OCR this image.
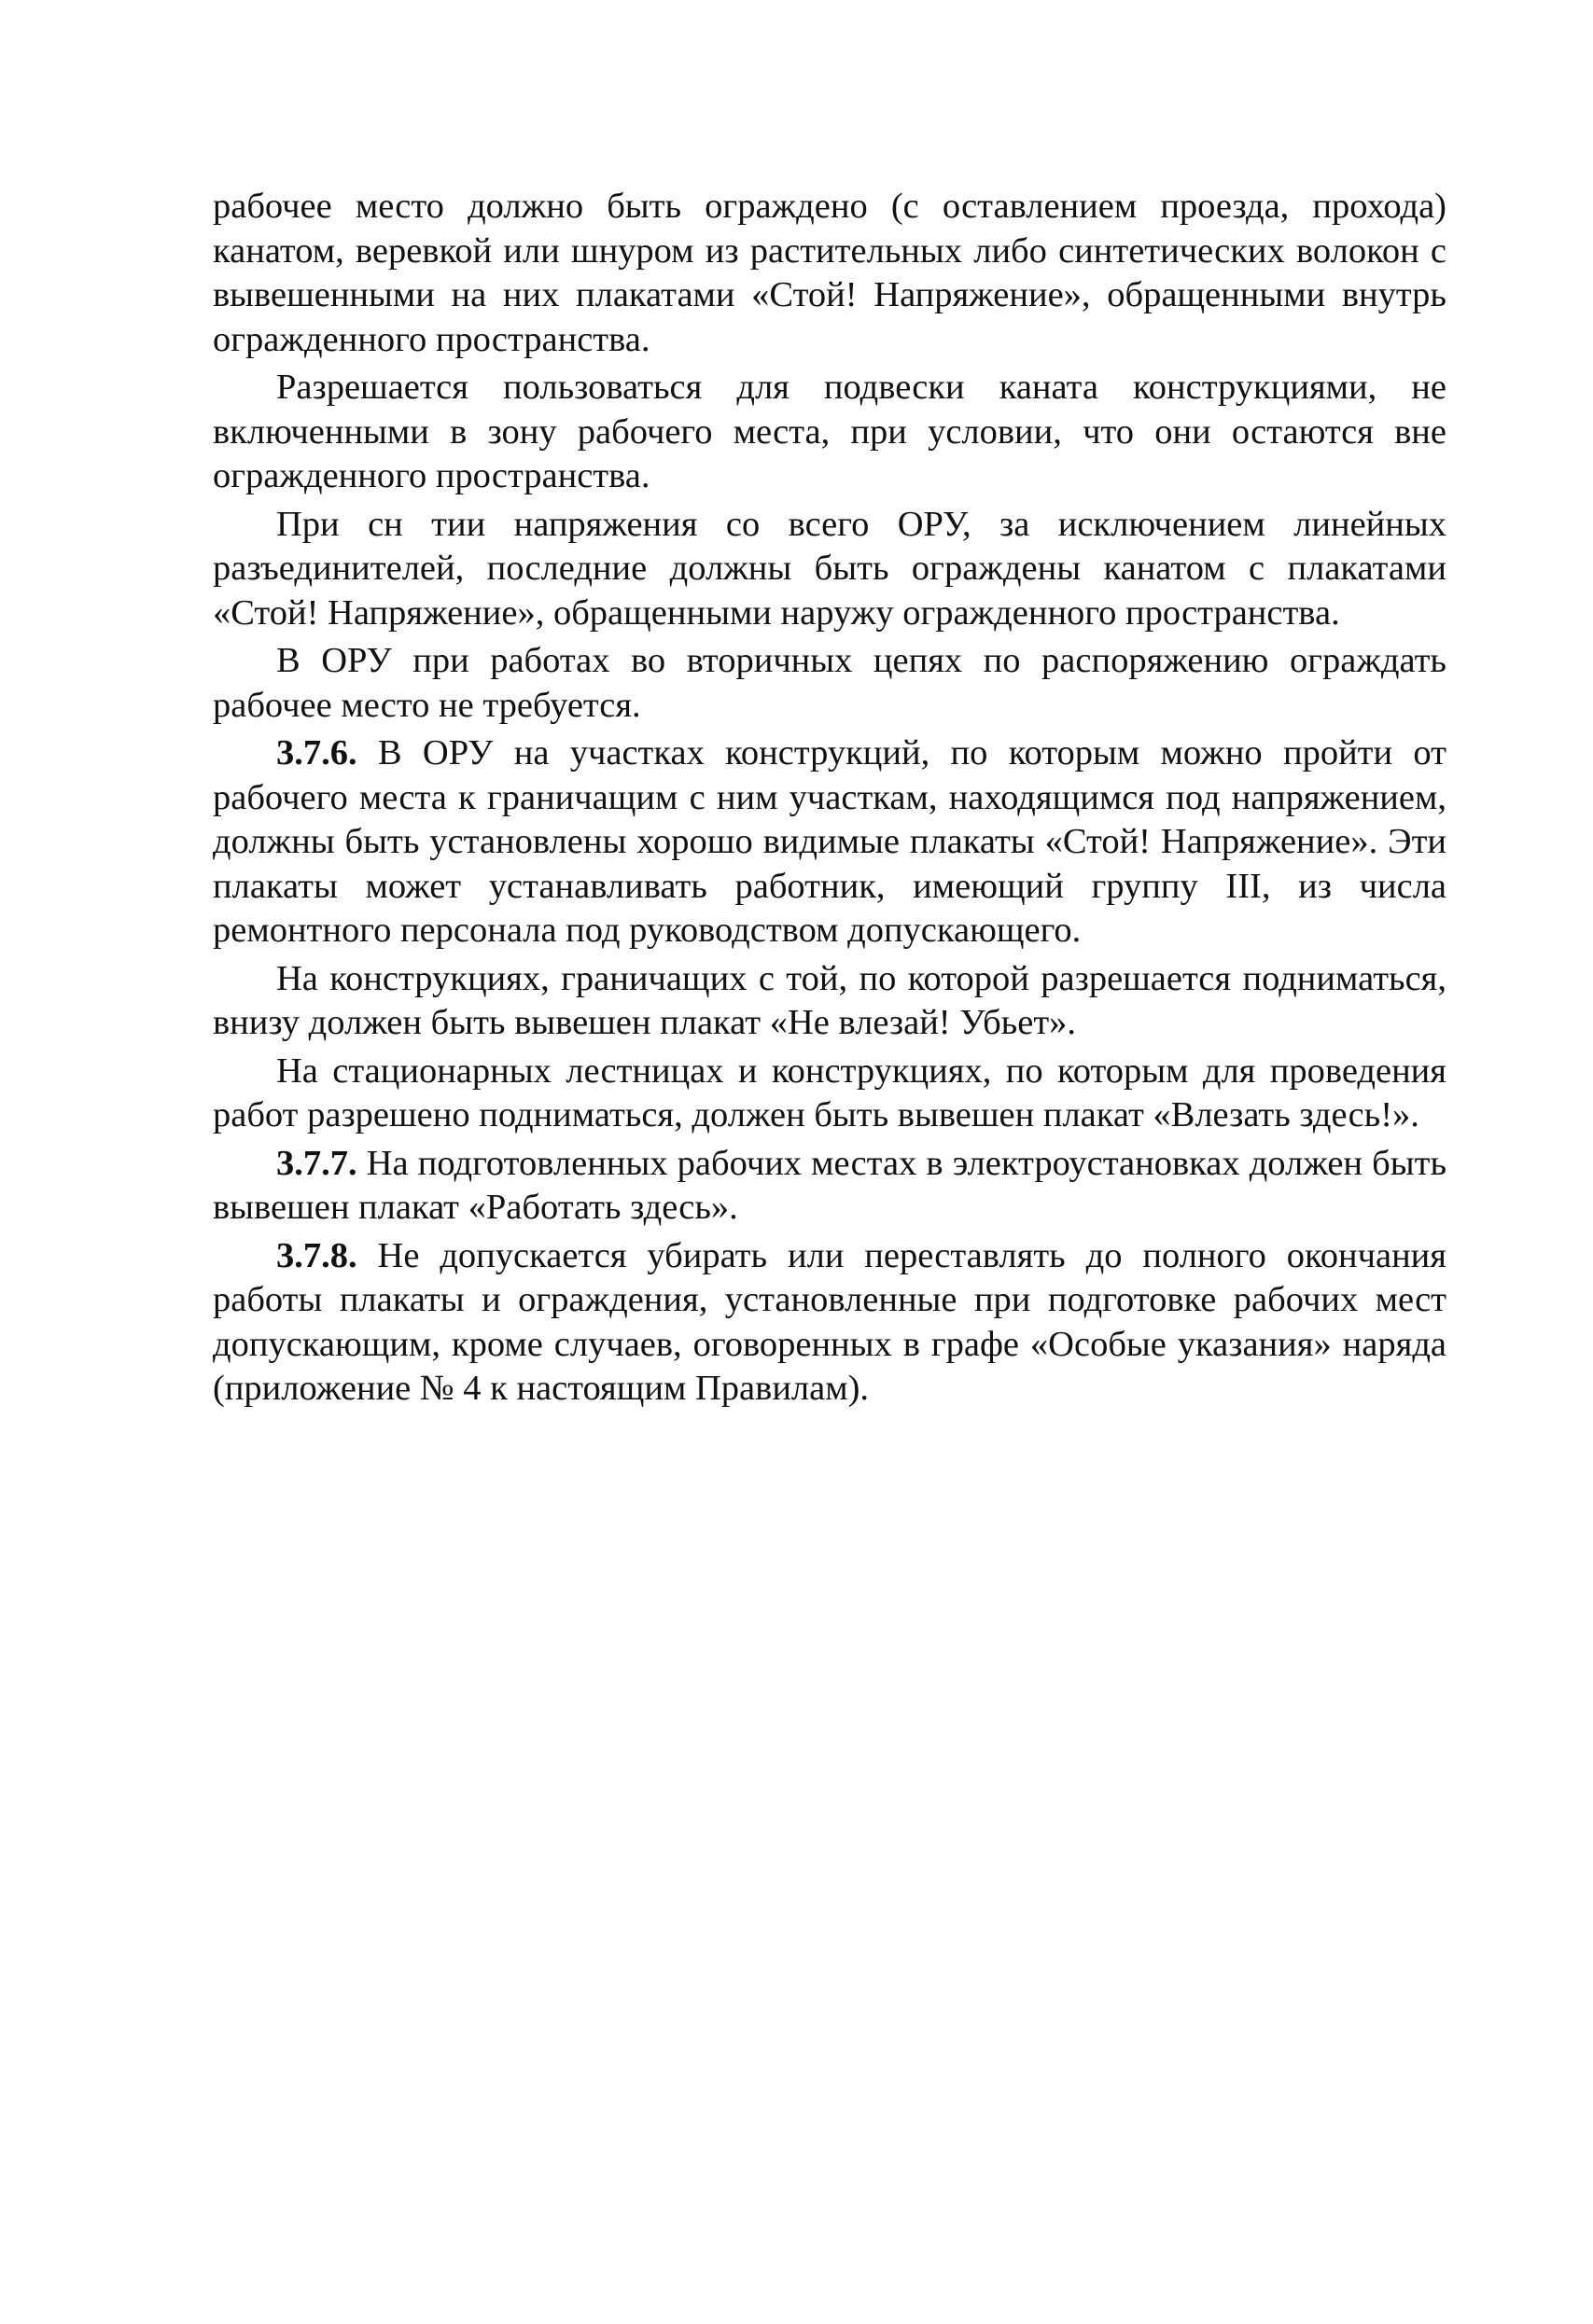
рабочее место должно быть ограждено (с оставлением проезда, прохода) канатом, веревкой или шнуром из растительных либо синтетических волокон с вывешенными на них плакатами «Стой! Напряжение», обращенными внутрь огражденного пространства.

Разрешается пользоваться для подвески каната конструкциями, не включенными в зону рабочего места, при условии, что они остаются вне огражденного пространства.

При сн тии напряжения со всего ОРУ, за исключением линейных разъединителей, последние должны быть ограждены канатом с плакатами «Стой! Напряжение», обращенными наружу огражденного пространства.

В ОРУ при работах во вторичных цепях по распоряжению ограждать рабочее место не требуется.

3.7.6. В ОРУ на участках конструкций, по которым можно пройти от рабочего места к граничащим с ним участкам, находящимся под напряжением, должны быть установлены хорошо видимые плакаты «Стой! Напряжение». Эти плакаты может устанавливать работник, имеющий группу III, из числа ремонтного персонала под руководством допускающего.

На конструкциях, граничащих с той, по которой разрешается подниматься, внизу должен быть вывешен плакат «Не влезай! Убьет».

На стационарных лестницах и конструкциях, по которым для проведения работ разрешено подниматься, должен быть вывешен плакат «Влезать здесь!».

3.7.7. На подготовленных рабочих местах в электроустановках должен быть вывешен плакат «Работать здесь».

3.7.8. Не допускается убирать или переставлять до полного окончания работы плакаты и ограждения, установленные при подготовке рабочих мест допускающим, кроме случаев, оговоренных в графе «Особые указания» наряда (приложение № 4 к настоящим Правилам).
